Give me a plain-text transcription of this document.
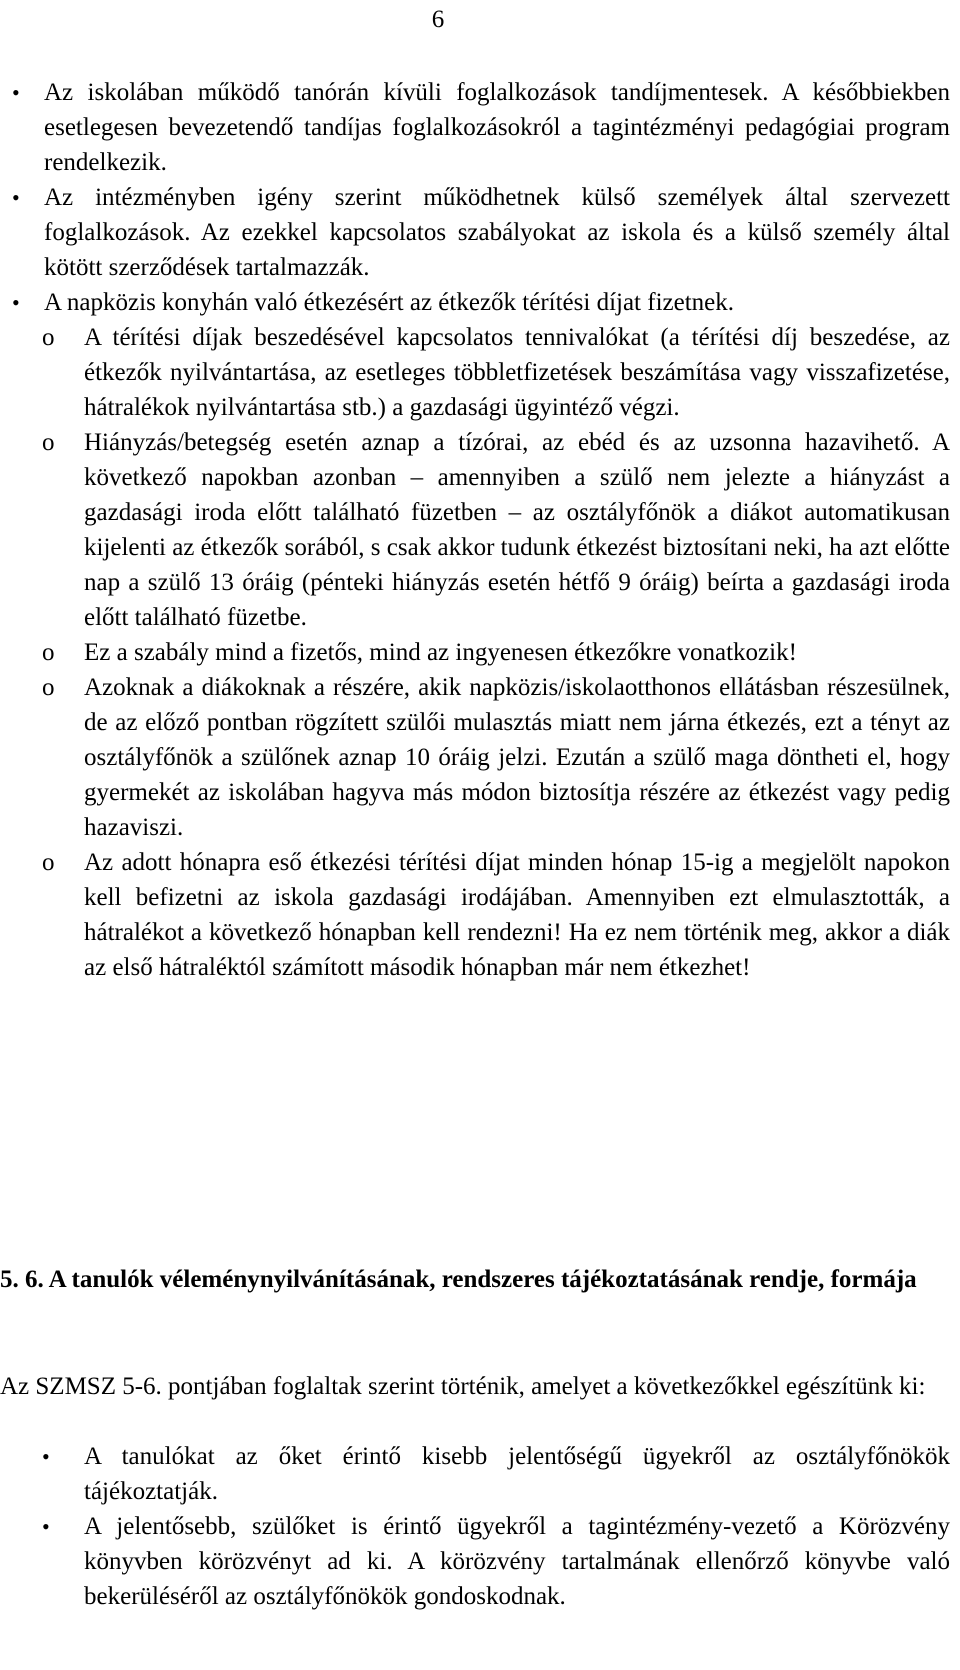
6
• Az iskolában működő tanórán kívüli foglalkozások tandíjmentesek. A későbbiekben esetlegesen bevezetendő tandíjas foglalkozásokról a tagintézményi pedagógiai program rendelkezik.
• Az intézményben igény szerint működhetnek külső személyek által szervezett foglalkozások. Az ezekkel kapcsolatos szabályokat az iskola és a külső személy által kötött szerződések tartalmazzák.
• A napközis konyhán való étkezésért az étkezők térítési díjat fizetnek.
o A térítési díjak beszedésével kapcsolatos tennivalókat (a térítési díj beszedése, az étkezők nyilvántartása, az esetleges többletfizetések beszámítása vagy visszafizetése, hátralékok nyilvántartása stb.) a gazdasági ügyintéző végzi.
o Hiányzás/betegség esetén aznap a tízórai, az ebéd és az uzsonna hazavihető. A következő napokban azonban – amennyiben a szülő nem jelezte a hiányzást a gazdasági iroda előtt található füzetben – az osztályfőnök a diákot automatikusan kijelenti az étkezők sorából, s csak akkor tudunk étkezést biztosítani neki, ha azt előtte nap a szülő 13 óráig (pénteki hiányzás esetén hétfő 9 óráig) beírta a gazdasági iroda előtt található füzetbe.
o Ez a szabály mind a fizetős, mind az ingyenesen étkezőkre vonatkozik!
o Azoknak a diákoknak a részére, akik napközis/iskolaotthonos ellátásban részesülnek, de az előző pontban rögzített szülői mulasztás miatt nem járna étkezés, ezt a tényt az osztályfőnök a szülőnek aznap 10 óráig jelzi. Ezután a szülő maga döntheti el, hogy gyermekét az iskolában hagyva más módon biztosítja részére az étkezést vagy pedig hazaviszi.
o Az adott hónapra eső étkezési térítési díjat minden hónap 15-ig a megjelölt napokon kell befizetni az iskola gazdasági irodájában. Amennyiben ezt elmulasztották, a hátralékot a következő hónapban kell rendezni! Ha ez nem történik meg, akkor a diák az első hátraléktól számított második hónapban már nem étkezhet!
5. 6. A tanulók véleménynyilvánításának, rendszeres tájékoztatásának rendje, formája

Az SZMSZ 5-6. pontjában foglaltak szerint történik, amelyet a következőkkel egészítünk ki:

• A tanulókat az őket érintő kisebb jelentőségű ügyekről az osztályfőnökök tájékoztatják.
• A jelentősebb, szülőket is érintő ügyekről a tagintézmény-vezető a Körözvény könyvben körözvényt ad ki. A körözvény tartalmának ellenőrző könyvbe való bekerüléséről az osztályfőnökök gondoskodnak.
